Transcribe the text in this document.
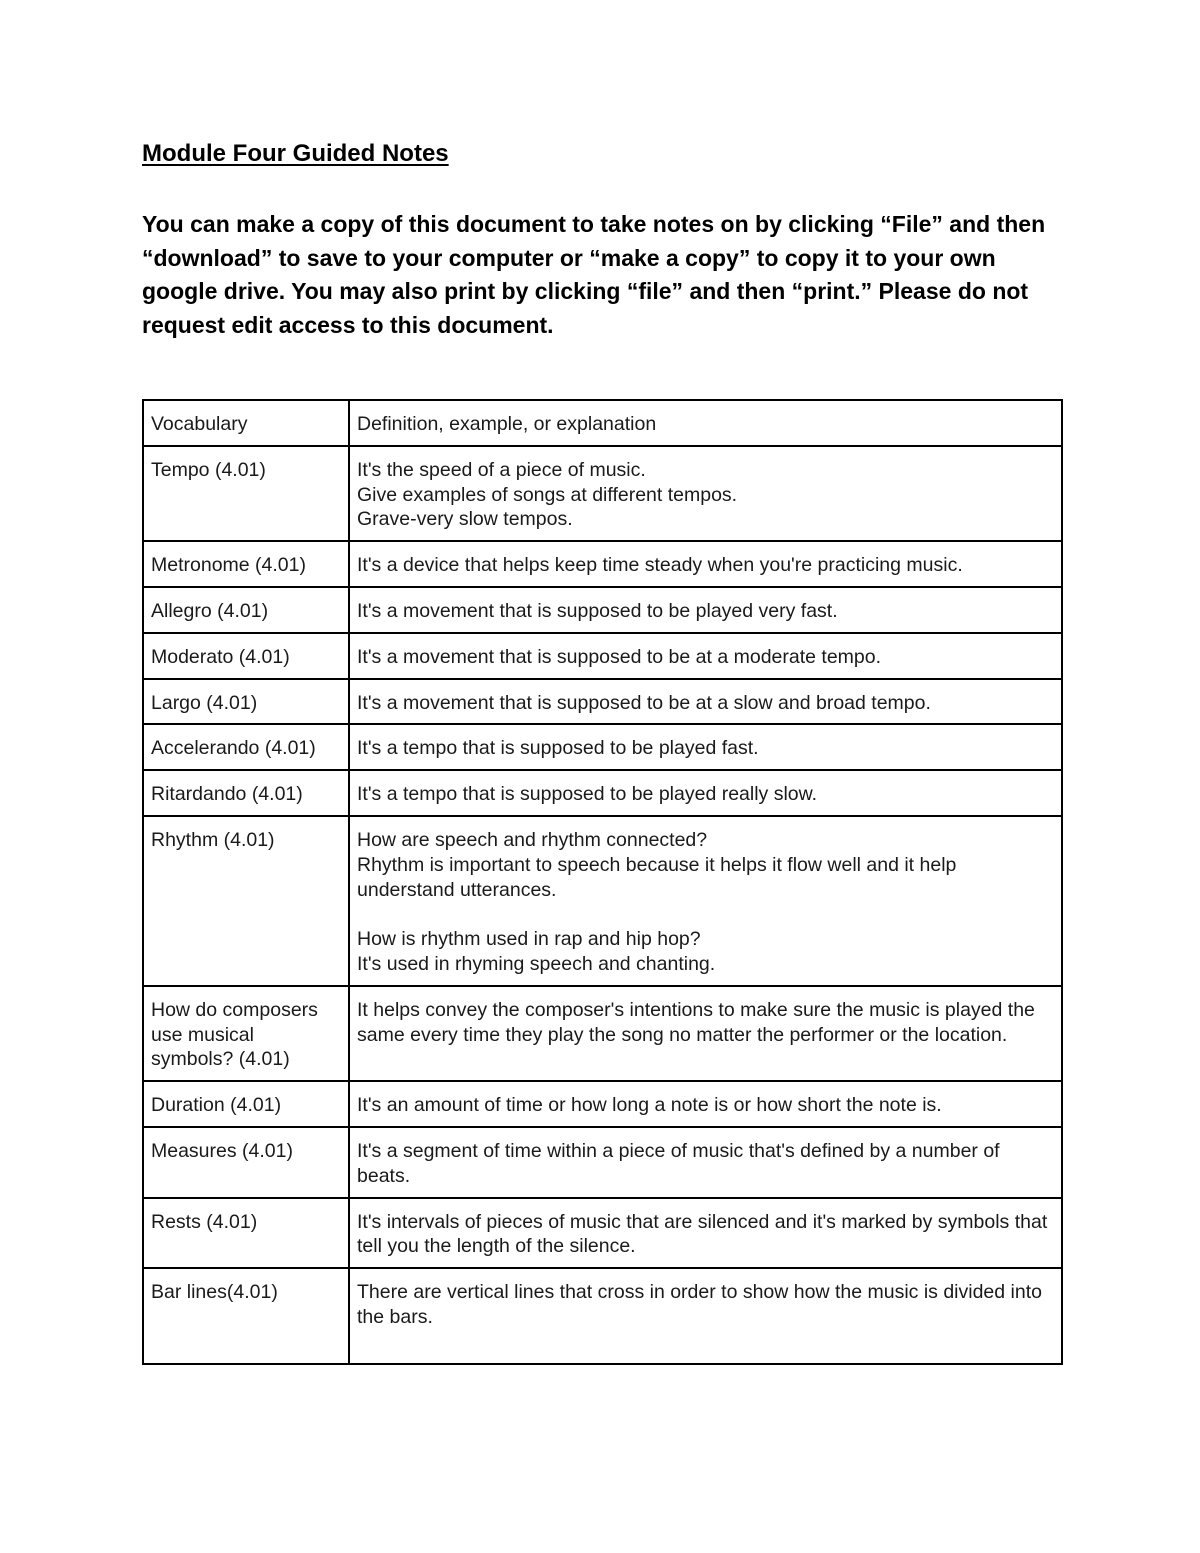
Module Four Guided Notes

You can make a copy of this document to take notes on by clicking “File” and then “download” to save to your computer or “make a copy” to copy it to your own google drive. You may also print by clicking “file” and then “print.” Please do not request edit access to this document.

Vocabulary	Definition, example, or explanation
Tempo (4.01)	It's the speed of a piece of music.
Give examples of songs at different tempos.
Grave-very slow tempos.

Metronome (4.01)	It's a device that helps keep time steady when you're practicing music.

Allegro (4.01)	It's a movement that is supposed to be played very fast.

Moderato (4.01)	It's a movement that is supposed to be at a moderate tempo.

Largo (4.01)	It's a movement that is supposed to be at a slow and broad tempo.

Accelerando (4.01)	It's a tempo that is supposed to be played fast.

Ritardando (4.01)	It's a tempo that is supposed to be played really slow.

Rhythm (4.01)	How are speech and rhythm connected?
Rhythm is important to speech because it helps it flow well and it help understand utterances.
How is rhythm used in rap and hip hop?
It's used in rhyming speech and chanting.

How do composers use musical symbols? (4.01)	It helps convey the composer's intentions to make sure the music is played the same every time they play the song no matter the performer or the location.

Duration (4.01)	It's an amount of time or how long a note is or how short the note is.

Measures (4.01)	It's a segment of time within a piece of music that's defined by a number of beats.

Rests (4.01)	It's intervals of pieces of music that are silenced and it's marked by symbols that tell you the length of the silence.

Bar lines(4.01)	There are vertical lines that cross in order to show how the music is divided into the bars.
